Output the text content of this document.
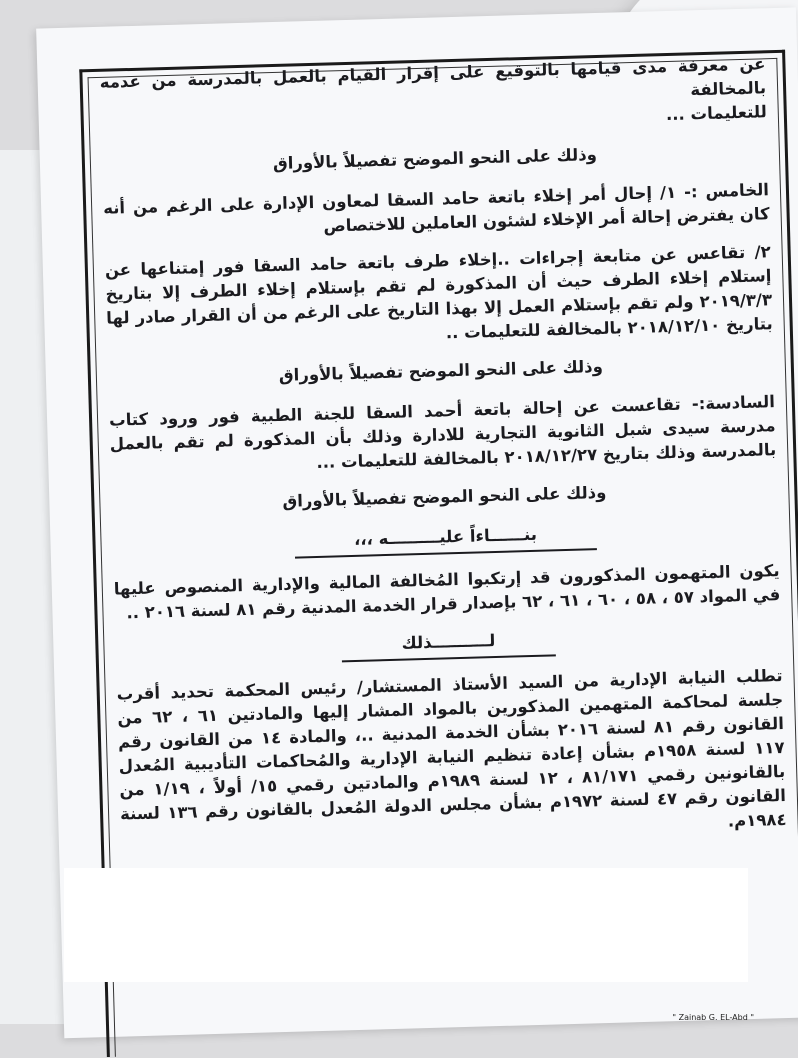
عن معرفة مدى قيامها بالتوقيع على إقرار القيام بالعمل بالمدرسة من عدمه بالمخالفة

للتعليمات ...

وذلك على النحو الموضح تفصيلاً بالأوراق

الخامس :- ١/ إحال أمر إخلاء باتعة حامد السقا لمعاون الإدارة على الرغم من أنه كان يفترض إحالة أمر الإخلاء لشئون العاملين للاختصاص

٢/ تقاعس عن متابعة إجراءات ..إخلاء طرف باتعة حامد السقا فور إمتناعها عن إستلام إخلاء الطرف حيث أن المذكورة لم تقم بإستلام إخلاء الطرف إلا بتاريخ ٢٠١٩/٣/٣ ولم تقم بإستلام العمل إلا بهذا التاريخ على الرغم من أن القرار صادر لها بتاريخ ٢٠١٨/١٢/١٠ بالمخالفة للتعليمات ..

وذلك على النحو الموضح تفصيلاً بالأوراق

السادسة:- تقاعست عن إحالة باتعة أحمد السقا للجنة الطبية فور ورود كتاب مدرسة سيدى شبل الثانوية التجارية للادارة وذلك بأن المذكورة لم تقم بالعمل بالمدرسة وذلك بتاريخ ٢٠١٨/١٢/٢٧ بالمخالفة للتعليمات ...

وذلك على النحو الموضح تفصيلاً بالأوراق

بنــــــاءاً عليـــــــــه ،،،

يكون المتهمون المذكورون قد إرتكبوا المُخالفة المالية والإدارية المنصوص عليها في المواد ٥٧ ، ٥٨ ، ٦٠ ، ٦١ ، ٦٢ بإصدار قرار الخدمة المدنية رقم ٨١ لسنة ٢٠١٦ ..

لــــــــــذلك

تطلب النيابة الإدارية من السيد الأستاذ المستشار/ رئيس المحكمة تحديد أقرب جلسة لمحاكمة المتهمين المذكورين بالمواد المشار إليها والمادتين ٦١ ، ٦٢ من القانون رقم ٨١ لسنة ٢٠١٦ بشأن الخدمة المدنية ..، والمادة ١٤ من القانون رقم ١١٧ لسنة ١٩٥٨م بشأن إعادة تنظيم النيابة الإدارية والمُحاكمات التأديبية المُعدل بالقانونين رقمي ٨١/١٧١ ، ١٢ لسنة ١٩٨٩م والمادتين رقمي ١٥/ أولاً ، ١/١٩ من القانون رقم ٤٧ لسنة ١٩٧٢م بشأن مجلس الدولة المُعدل بالقانون رقم ١٣٦ لسنة ١٩٨٤م.

" Zainab G. EL-Abd "
